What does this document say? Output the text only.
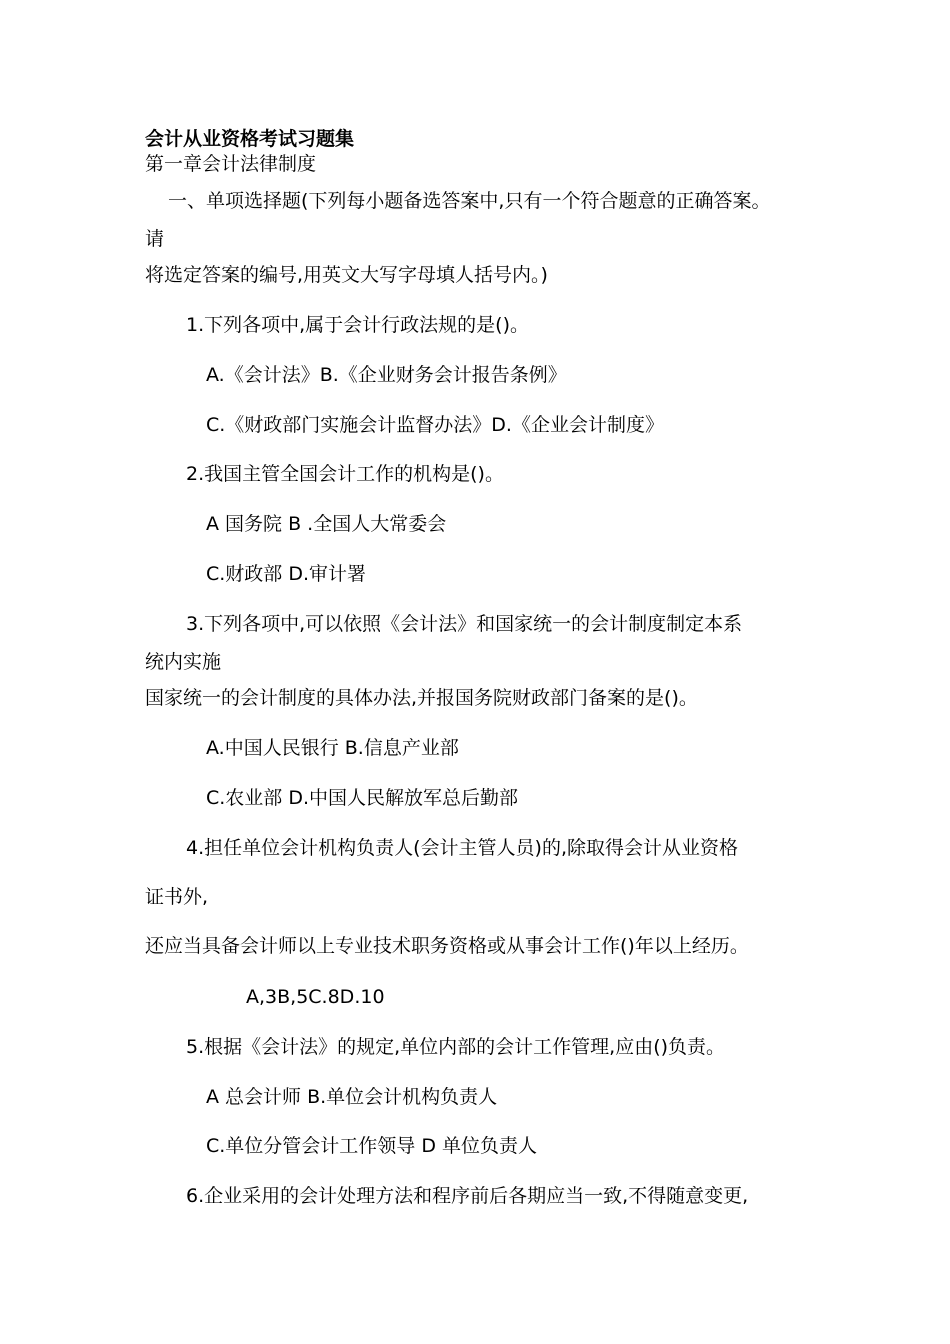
会计从业资格考试习题集

第一章会计法律制度

一、单项选择题(下列每小题备选答案中,只有一个符合题意的正确答案。

请

将选定答案的编号,用英文大写字母填人括号内。)

1.下列各项中,属于会计行政法规的是()。

A.《会计法》B.《企业财务会计报告条例》

C.《财政部门实施会计监督办法》D.《企业会计制度》

2.我国主管全国会计工作的机构是()。

A 国务院 B .全国人大常委会

C.财政部 D.审计署

3.下列各项中,可以依照《会计法》和国家统一的会计制度制定本系

统内实施

国家统一的会计制度的具体办法,并报国务院财政部门备案的是()。

A.中国人民银行 B.信息产业部

C.农业部 D.中国人民解放军总后勤部

4.担任单位会计机构负责人(会计主管人员)的,除取得会计从业资格

证书外,

还应当具备会计师以上专业技术职务资格或从事会计工作()年以上经历。

A,3B,5C.8D.10

5.根据《会计法》的规定,单位内部的会计工作管理,应由()负责。

A 总会计师 B.单位会计机构负责人

C.单位分管会计工作领导 D 单位负责人

6.企业采用的会计处理方法和程序前后各期应当一致,不得随意变更,
